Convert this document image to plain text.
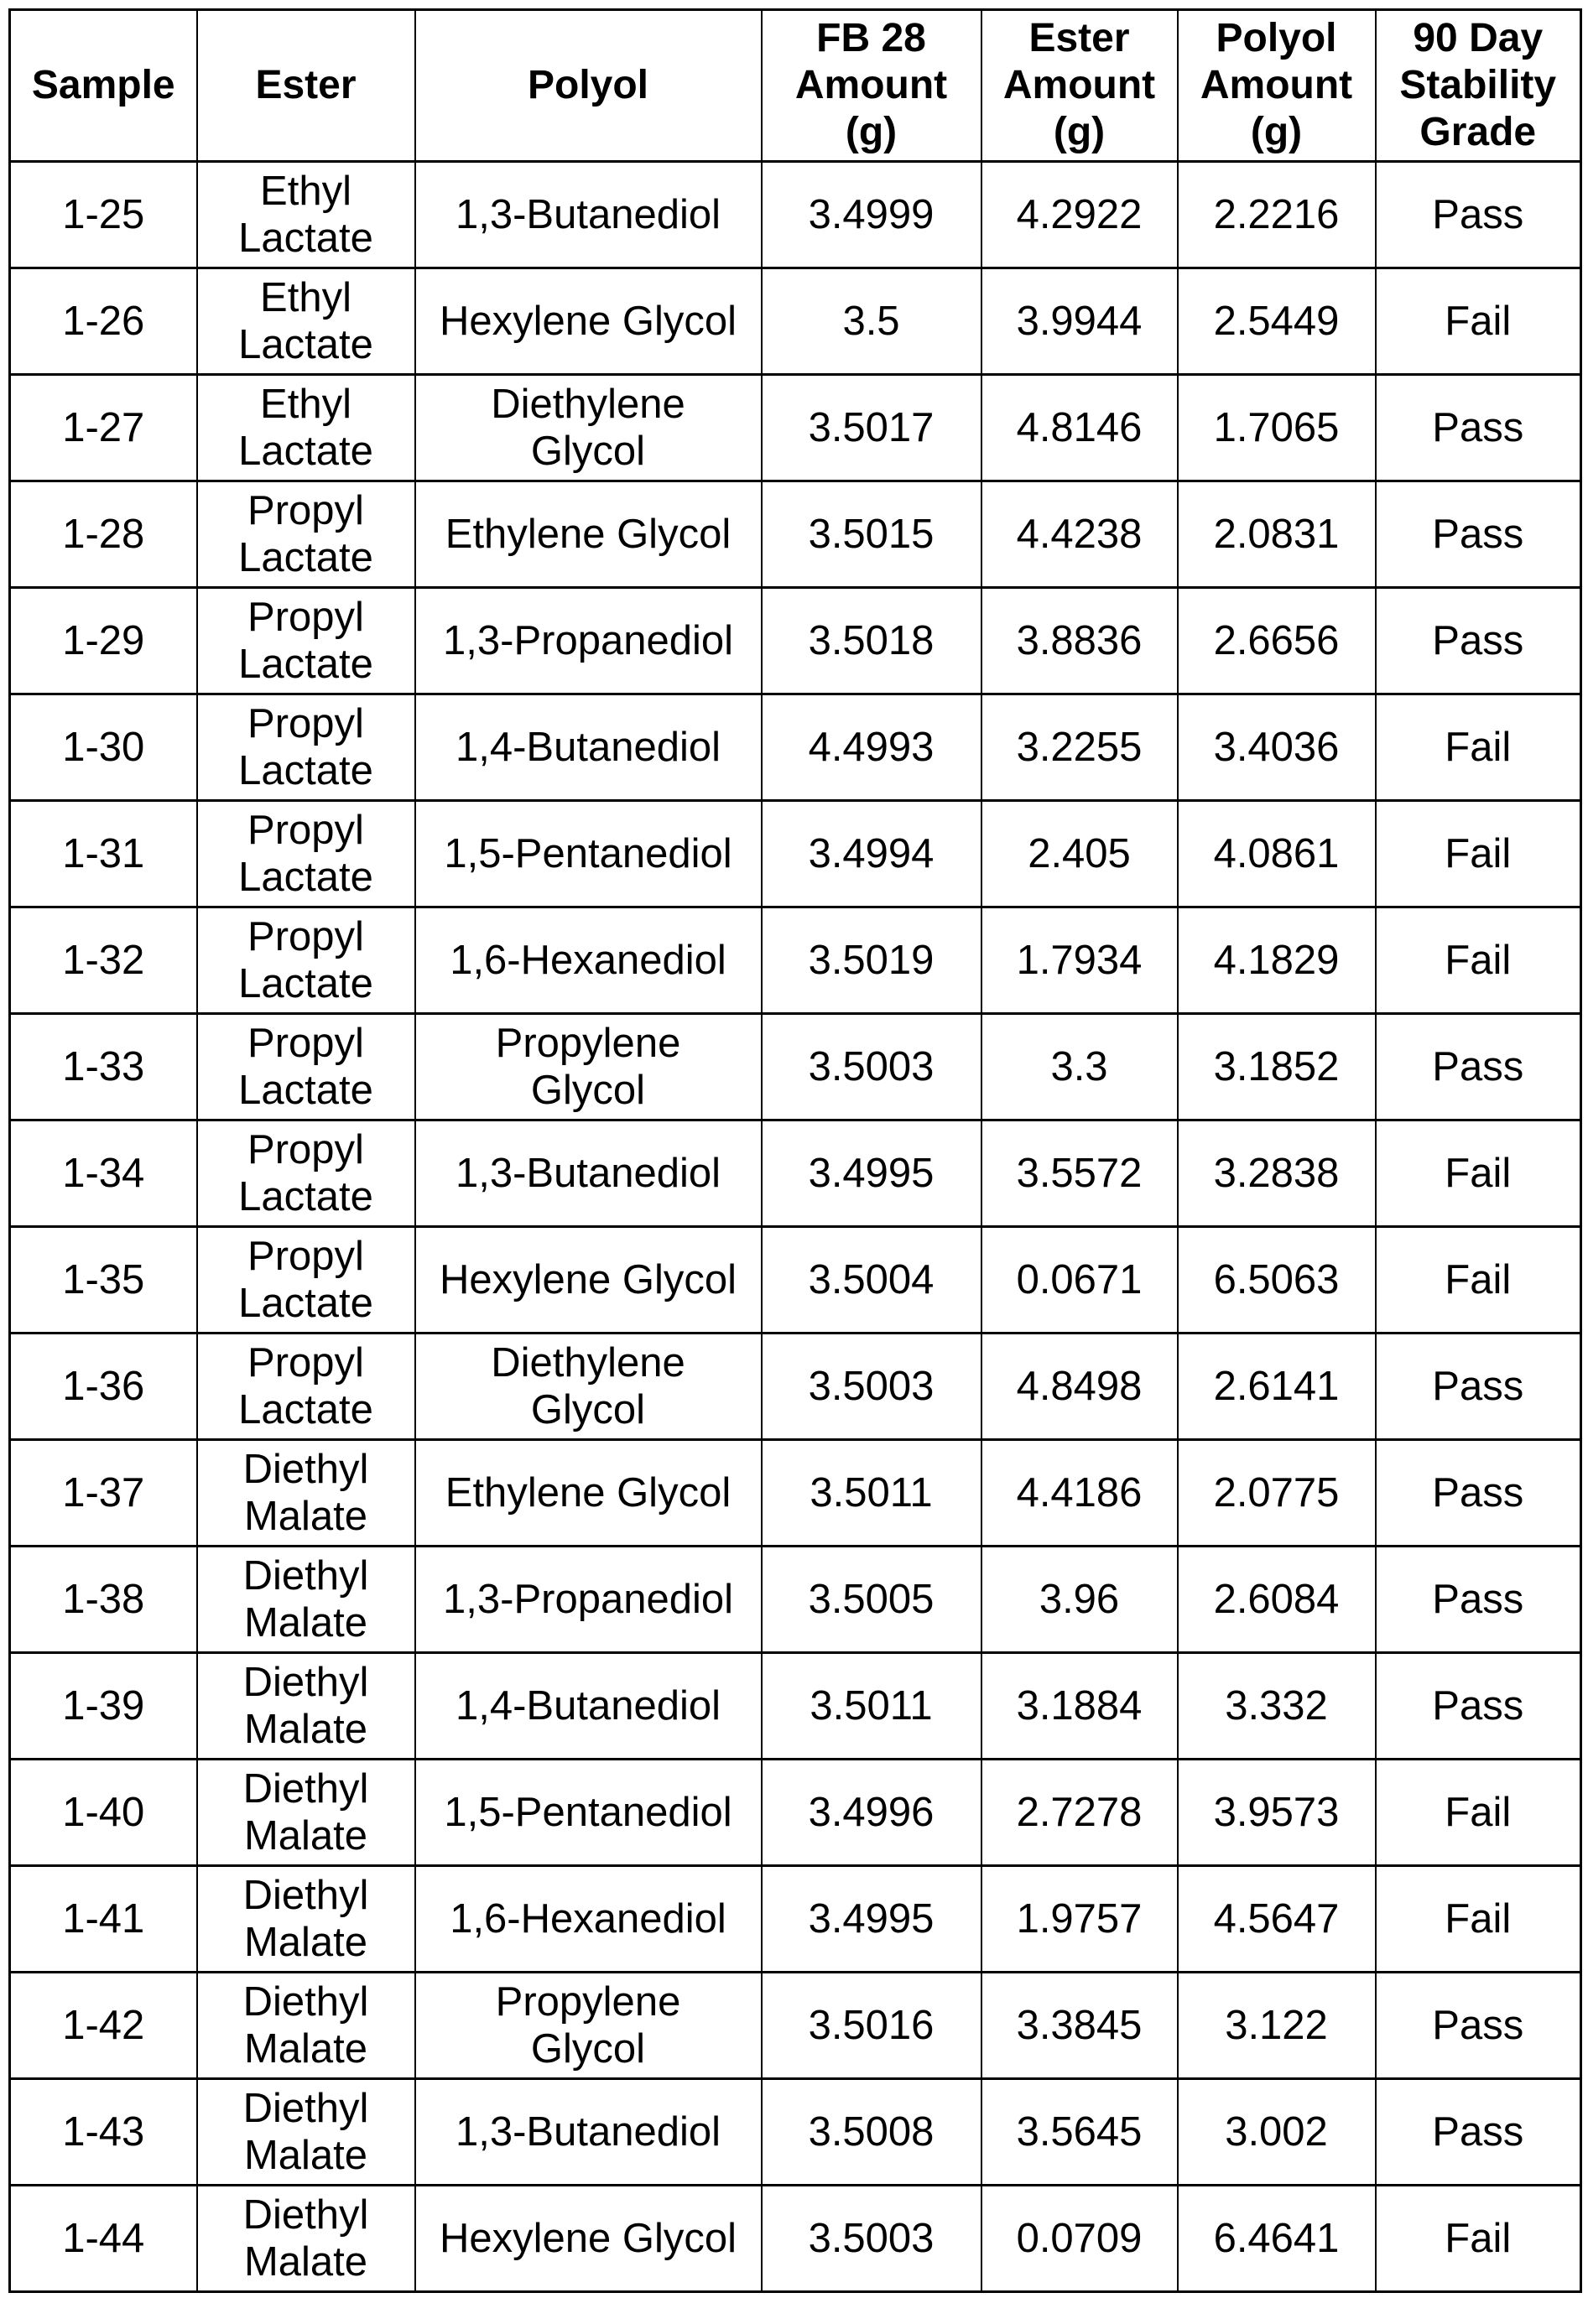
Sample	Ester	Polyol	FB 28
Amount
(g)	Ester
Amount
(g)	Polyol
Amount
(g)	90 Day
Stability
Grade

1-25	Ethyl
Lactate	1,3-Butanediol	3.4999	4.2922	2.2216	Pass
1-26	Ethyl
Lactate	Hexylene Glycol	3.5	3.9944	2.5449	Fail
1-27	Ethyl
Lactate	Diethylene
Glycol	3.5017	4.8146	1.7065	Pass
1-28	Propyl
Lactate	Ethylene Glycol	3.5015	4.4238	2.0831	Pass
1-29	Propyl
Lactate	1,3-Propanediol	3.5018	3.8836	2.6656	Pass
1-30	Propyl
Lactate	1,4-Butanediol	4.4993	3.2255	3.4036	Fail
1-31	Propyl
Lactate	1,5-Pentanediol	3.4994	2.405	4.0861	Fail
1-32	Propyl
Lactate	1,6-Hexanediol	3.5019	1.7934	4.1829	Fail
1-33	Propyl
Lactate	Propylene
Glycol	3.5003	3.3	3.1852	Pass
1-34	Propyl
Lactate	1,3-Butanediol	3.4995	3.5572	3.2838	Fail
1-35	Propyl
Lactate	Hexylene Glycol	3.5004	0.0671	6.5063	Fail
1-36	Propyl
Lactate	Diethylene
Glycol	3.5003	4.8498	2.6141	Pass
1-37	Diethyl
Malate	Ethylene Glycol	3.5011	4.4186	2.0775	Pass
1-38	Diethyl
Malate	1,3-Propanediol	3.5005	3.96	2.6084	Pass
1-39	Diethyl
Malate	1,4-Butanediol	3.5011	3.1884	3.332	Pass
1-40	Diethyl
Malate	1,5-Pentanediol	3.4996	2.7278	3.9573	Fail
1-41	Diethyl
Malate	1,6-Hexanediol	3.4995	1.9757	4.5647	Fail
1-42	Diethyl
Malate	Propylene
Glycol	3.5016	3.3845	3.122	Pass
1-43	Diethyl
Malate	1,3-Butanediol	3.5008	3.5645	3.002	Pass
1-44	Diethyl
Malate	Hexylene Glycol	3.5003	0.0709	6.4641	Fail
